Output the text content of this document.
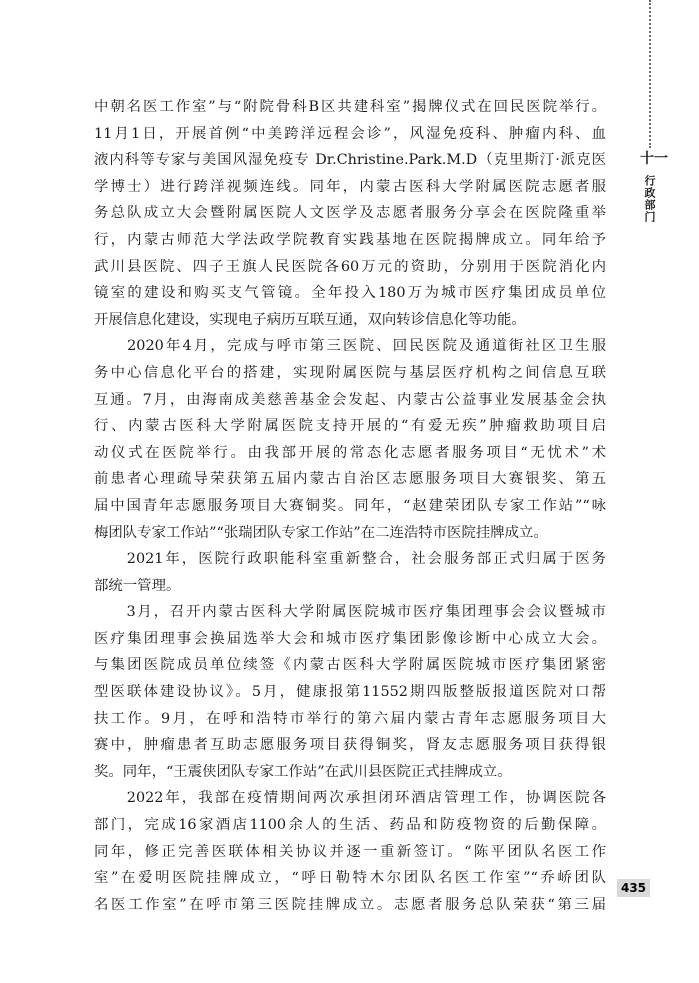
十一
行政部门
中朝名医工作室”与“附院骨科B区共建科室”揭牌仪式在回民医院举行。
11月1日，开展首例“中美跨洋远程会诊”，风湿免疫科、肿瘤内科、血
液内科等专家与美国风湿免疫专 Dr.Christine.Park.M.D（克里斯汀·派克医
学博士）进行跨洋视频连线。同年，内蒙古医科大学附属医院志愿者服
务总队成立大会暨附属医院人文医学及志愿者服务分享会在医院隆重举
行，内蒙古师范大学法政学院教育实践基地在医院揭牌成立。同年给予
武川县医院、四子王旗人民医院各60万元的资助，分别用于医院消化内
镜室的建设和购买支气管镜。全年投入180万为城市医疗集团成员单位
开展信息化建设，实现电子病历互联互通，双向转诊信息化等功能。
　　2020年4月，完成与呼市第三医院、回民医院及通道街社区卫生服
务中心信息化平台的搭建，实现附属医院与基层医疗机构之间信息互联
互通。7月，由海南成美慈善基金会发起、内蒙古公益事业发展基金会执
行、内蒙古医科大学附属医院支持开展的“有爱无疾”肿瘤救助项目启
动仪式在医院举行。由我部开展的常态化志愿者服务项目“无忧术”术
前患者心理疏导荣获第五届内蒙古自治区志愿服务项目大赛银奖、第五
届中国青年志愿服务项目大赛铜奖。同年，“赵建荣团队专家工作站”“咏
梅团队专家工作站”“张瑞团队专家工作站”在二连浩特市医院挂牌成立。
　　2021年，医院行政职能科室重新整合，社会服务部正式归属于医务
部统一管理。
　　3月，召开内蒙古医科大学附属医院城市医疗集团理事会会议暨城市
医疗集团理事会换届选举大会和城市医疗集团影像诊断中心成立大会。
与集团医院成员单位续签《内蒙古医科大学附属医院城市医疗集团紧密
型医联体建设协议》。5月，健康报第11552期四版整版报道医院对口帮
扶工作。9月，在呼和浩特市举行的第六届内蒙古青年志愿服务项目大
赛中，肿瘤患者互助志愿服务项目获得铜奖，肾友志愿服务项目获得银
奖。同年，“王震侠团队专家工作站”在武川县医院正式挂牌成立。
　　2022年，我部在疫情期间两次承担闭环酒店管理工作，协调医院各
部门，完成16家酒店1100余人的生活、药品和防疫物资的后勤保障。
同年，修正完善医联体相关协议并逐一重新签订。“陈平团队名医工作
室”在爱明医院挂牌成立，“呼日勒特木尔团队名医工作室”“乔峤团队
名医工作室”在呼市第三医院挂牌成立。志愿者服务总队荣获“第三届
435
